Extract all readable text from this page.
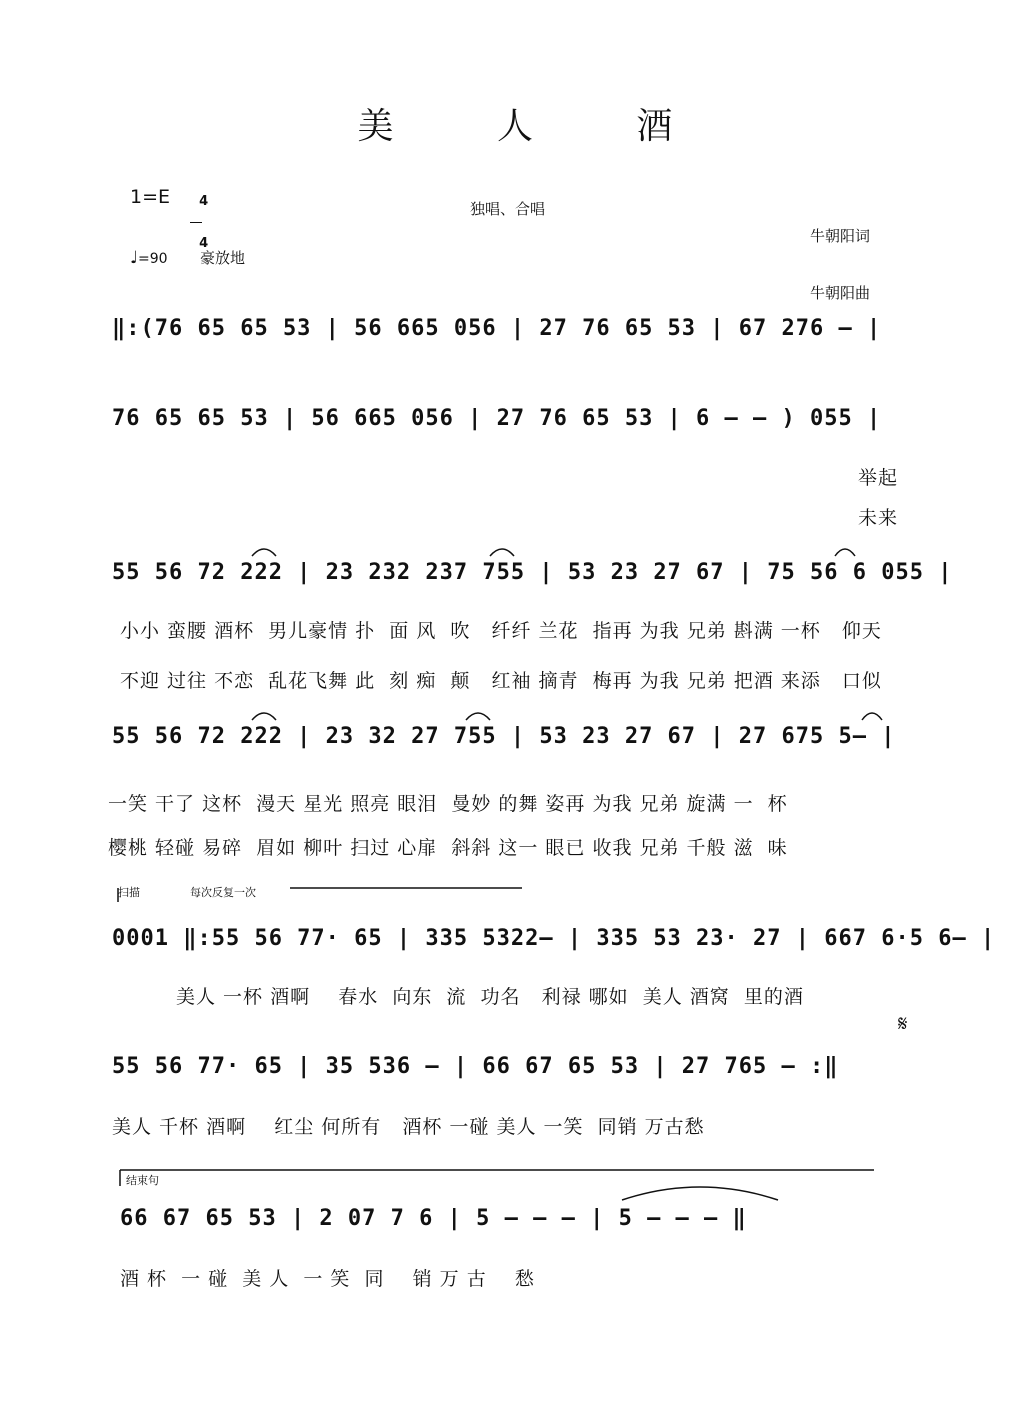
美 人 酒
1=E	4

4

独唱、合唱

牛朝阳词

牛朝阳曲

♩=90 豪放地
‖:(76 65 65 53 | 56 665 056 | 27 76 65 53 | 67 276 – |
76 65 65 53 | 56 665 056 | 27 76 65 53 | 6 – – ) 055 |
举起
未来
55 56 72 222 | 23 232 237 755 | 53 23 27 67 | 75 56 6 055 |
小小 蛮腰 酒杯  男儿豪情 扑  面 风  吹   纤纤 兰花  指再 为我 兄弟 斟满 一杯   仰天
不迎 过往 不恋  乱花飞舞 此  刻 痴  颠   红袖 摘青  梅再 为我 兄弟 把酒 来添   口似
55 56 72 222 | 23 32 27 755 | 53 23 27 67 | 27 675 5– |
一笑 干了 这杯  漫天 星光 照亮 眼泪  曼妙 的舞 姿再 为我 兄弟 旋满 一  杯
樱桃 轻碰 易碎  眉如 柳叶 扫过 心扉  斜斜 这一 眼已 收我 兄弟 千般 滋  味
扫描	每次反复一次
0001 ‖:55 56 77· 65 | 335 5322– | 335 53 23· 27 | 667 6·5 6– |
美人 一杯 酒啊    春水  向东  流  功名   利禄 哪如  美人 酒窝  里的酒
𝄋
55 56 77· 65 | 35 536 – | 66 67 65 53 | 27 765 – :‖
美人 千杯 酒啊    红尘 何所有   酒杯 一碰 美人 一笑  同销 万古愁
结束句
66 67 65 53 | 2 07 7 6 | 5 – – – | 5 – – – ‖
酒 杯  一 碰  美 人  一 笑  同    销 万 古    愁
